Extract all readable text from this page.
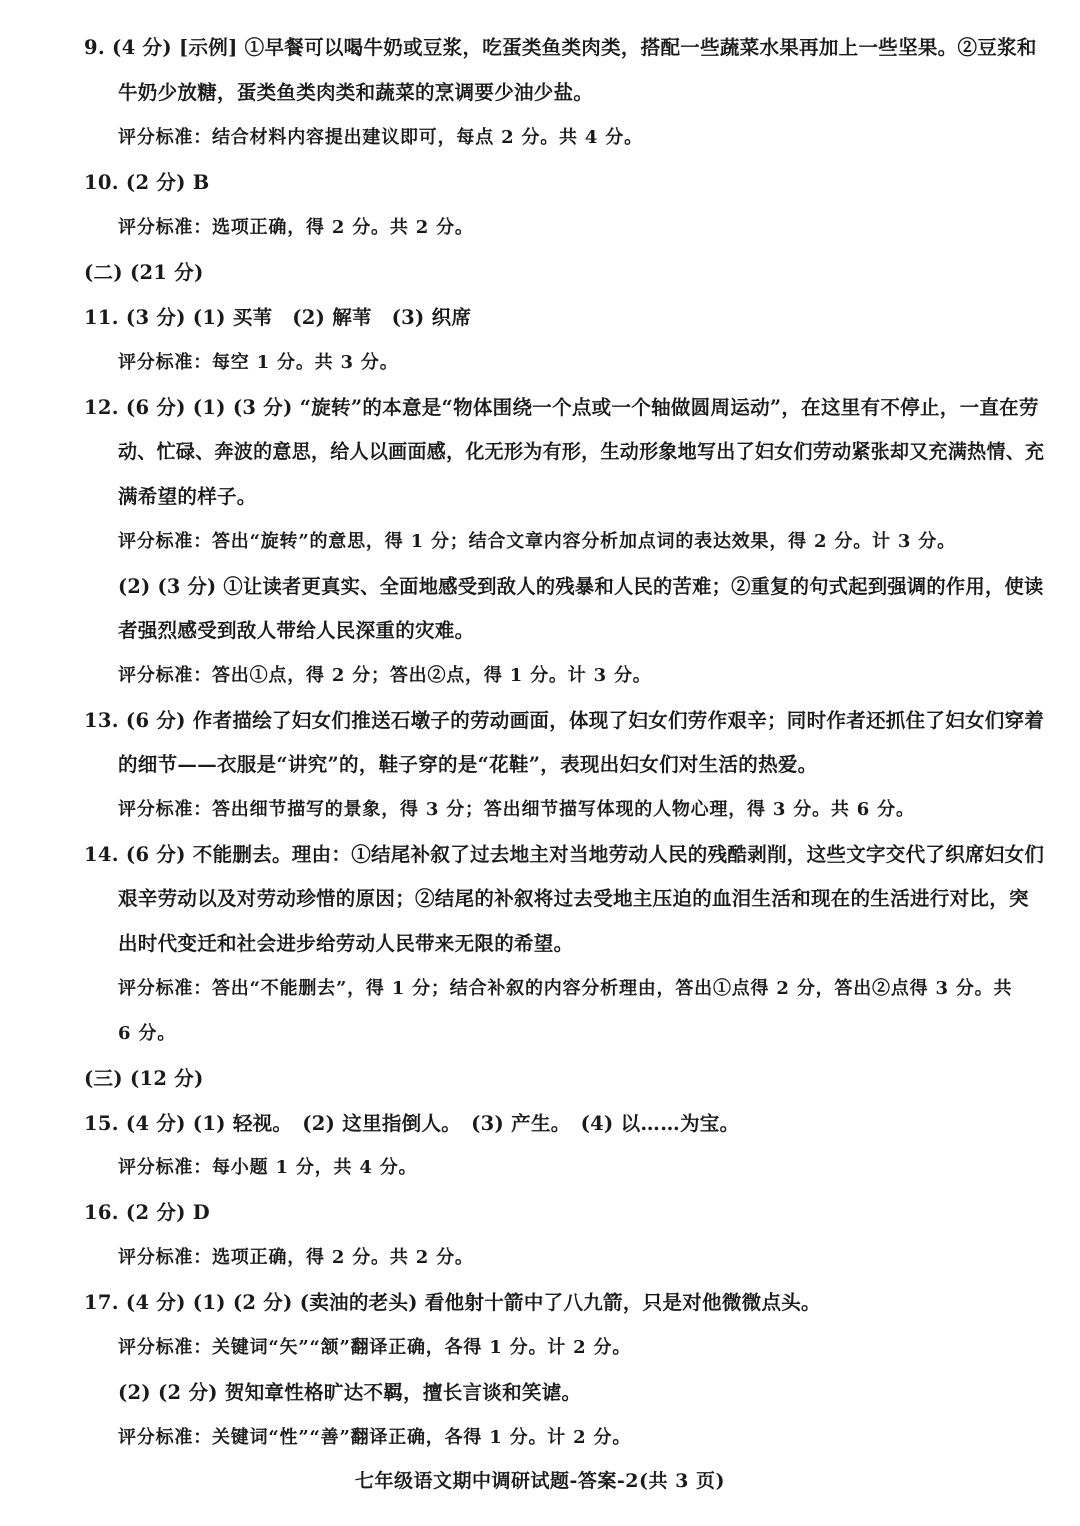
9. (4 分) [示例] ①早餐可以喝牛奶或豆浆，吃蛋类鱼类肉类，搭配一些蔬菜水果再加上一些坚果。②豆浆和
牛奶少放糖，蛋类鱼类肉类和蔬菜的烹调要少油少盐。
评分标准：结合材料内容提出建议即可，每点 2 分。共 4 分。
10. (2 分) B
评分标准：选项正确，得 2 分。共 2 分。
(二) (21 分)
11. (3 分) (1) 买苇　(2) 解苇　(3) 织席
评分标准：每空 1 分。共 3 分。
12. (6 分) (1) (3 分) “旋转”的本意是“物体围绕一个点或一个轴做圆周运动”，在这里有不停止，一直在劳
动、忙碌、奔波的意思，给人以画面感，化无形为有形，生动形象地写出了妇女们劳动紧张却又充满热情、充
满希望的样子。
评分标准：答出“旋转”的意思，得 1 分；结合文章内容分析加点词的表达效果，得 2 分。计 3 分。
(2) (3 分) ①让读者更真实、全面地感受到敌人的残暴和人民的苦难；②重复的句式起到强调的作用，使读
者强烈感受到敌人带给人民深重的灾难。
评分标准：答出①点，得 2 分；答出②点，得 1 分。计 3 分。
13. (6 分) 作者描绘了妇女们推送石墩子的劳动画面，体现了妇女们劳作艰辛；同时作者还抓住了妇女们穿着
的细节——衣服是“讲究”的，鞋子穿的是“花鞋”，表现出妇女们对生活的热爱。
评分标准：答出细节描写的景象，得 3 分；答出细节描写体现的人物心理，得 3 分。共 6 分。
14. (6 分) 不能删去。理由：①结尾补叙了过去地主对当地劳动人民的残酷剥削，这些文字交代了织席妇女们
艰辛劳动以及对劳动珍惜的原因；②结尾的补叙将过去受地主压迫的血泪生活和现在的生活进行对比，突
出时代变迁和社会进步给劳动人民带来无限的希望。
评分标准：答出“不能删去”，得 1 分；结合补叙的内容分析理由，答出①点得 2 分，答出②点得 3 分。共
6 分。
(三) (12 分)
15. (4 分) (1) 轻视。　(2) 这里指倒人。　(3) 产生。　(4) 以……为宝。
评分标准：每小题 1 分，共 4 分。
16. (2 分) D
评分标准：选项正确，得 2 分。共 2 分。
17. (4 分) (1) (2 分) (卖油的老头) 看他射十箭中了八九箭，只是对他微微点头。
评分标准：关键词“矢”“颔”翻译正确，各得 1 分。计 2 分。
(2) (2 分) 贺知章性格旷达不羁，擅长言谈和笑谑。
评分标准：关键词“性”“善”翻译正确，各得 1 分。计 2 分。
七年级语文期中调研试题-答案-2(共 3 页)
